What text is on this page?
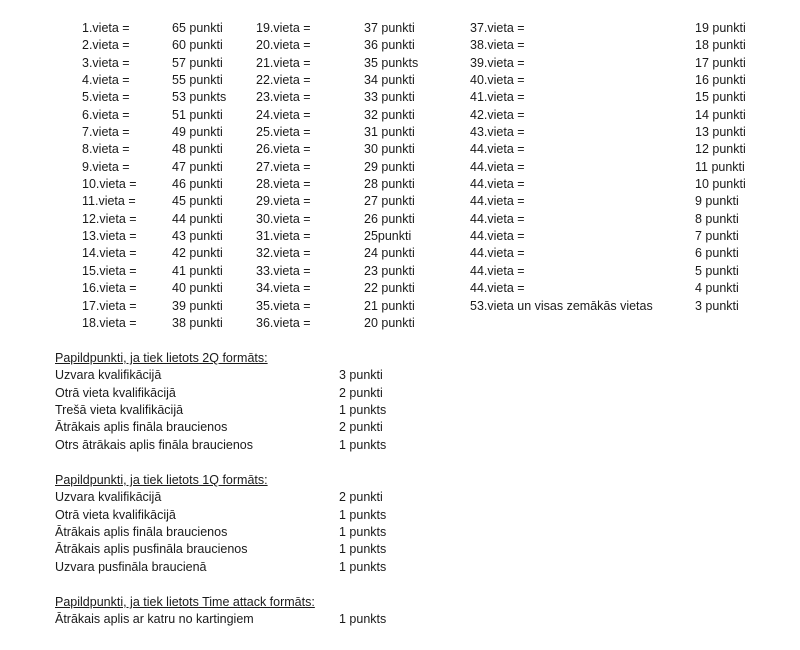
1.vieta =	65 punkti	19.vieta =	37 punkti	37.vieta =	19 punkti
2.vieta =	60 punkti	20.vieta =	36 punkti	38.vieta =	18 punkti
3.vieta =	57 punkti	21.vieta =	35 punkts	39.vieta =	17 punkti
4.vieta =	55 punkti	22.vieta =	34 punkti	40.vieta =	16 punkti
5.vieta =	53 punkts 23.vieta =	33 punkti	41.vieta =	15 punkti
6.vieta =	51 punkti	24.vieta =	32 punkti	42.vieta =	14 punkti
7.vieta =	49 punkti	25.vieta =	31 punkti	43.vieta =	13 punkti
8.vieta =	48 punkti	26.vieta =	30 punkti	44.vieta =	12 punkti
9.vieta =	47 punkti	27.vieta =	29 punkti	44.vieta =	11 punkti
10.vieta =	46 punkti	28.vieta =	28 punkti	44.vieta =	10 punkti
11.vieta =	45 punkti	29.vieta =	27 punkti	44.vieta =	9 punkti
12.vieta =	44 punkti	30.vieta =	26 punkti	44.vieta =	8 punkti
13.vieta =	43 punkti	31.vieta =	25punkti	44.vieta =	7 punkti
14.vieta =	42 punkti	32.vieta =	24 punkti	44.vieta =	6 punkti
15.vieta =	41 punkti	33.vieta =	23 punkti	44.vieta =	5 punkti
16.vieta =	40 punkti	34.vieta =	22 punkti	44.vieta =	4 punkti
17.vieta =	39 punkti	35.vieta =	21 punkti	53.vieta un visas zemākās vietas	3 punkti
18.vieta =	38 punkti	36.vieta =	20 punkti
Papildpunkti, ja tiek lietots 2Q formāts:
Uzvara kvalifikācijā	3 punkti
Otrā vieta kvalifikācijā	2 punkti
Trešā vieta kvalifikācijā	1 punkts
Ātrākais aplis fināla braucienos	2 punkti
Otrs ātrākais aplis fināla braucienos	1 punkts
Papildpunkti, ja tiek lietots 1Q formāts:
Uzvara kvalifikācijā	2 punkti
Otrā vieta kvalifikācijā	1 punkts
Ātrākais aplis fināla braucienos	1 punkts
Ātrākais aplis pusfināla braucienos	1 punkts
Uzvara pusfināla braucienā	1 punkts
Papildpunkti, ja tiek lietots Time attack formāts:
Ātrākais aplis ar katru no kartingiem	1 punkts
